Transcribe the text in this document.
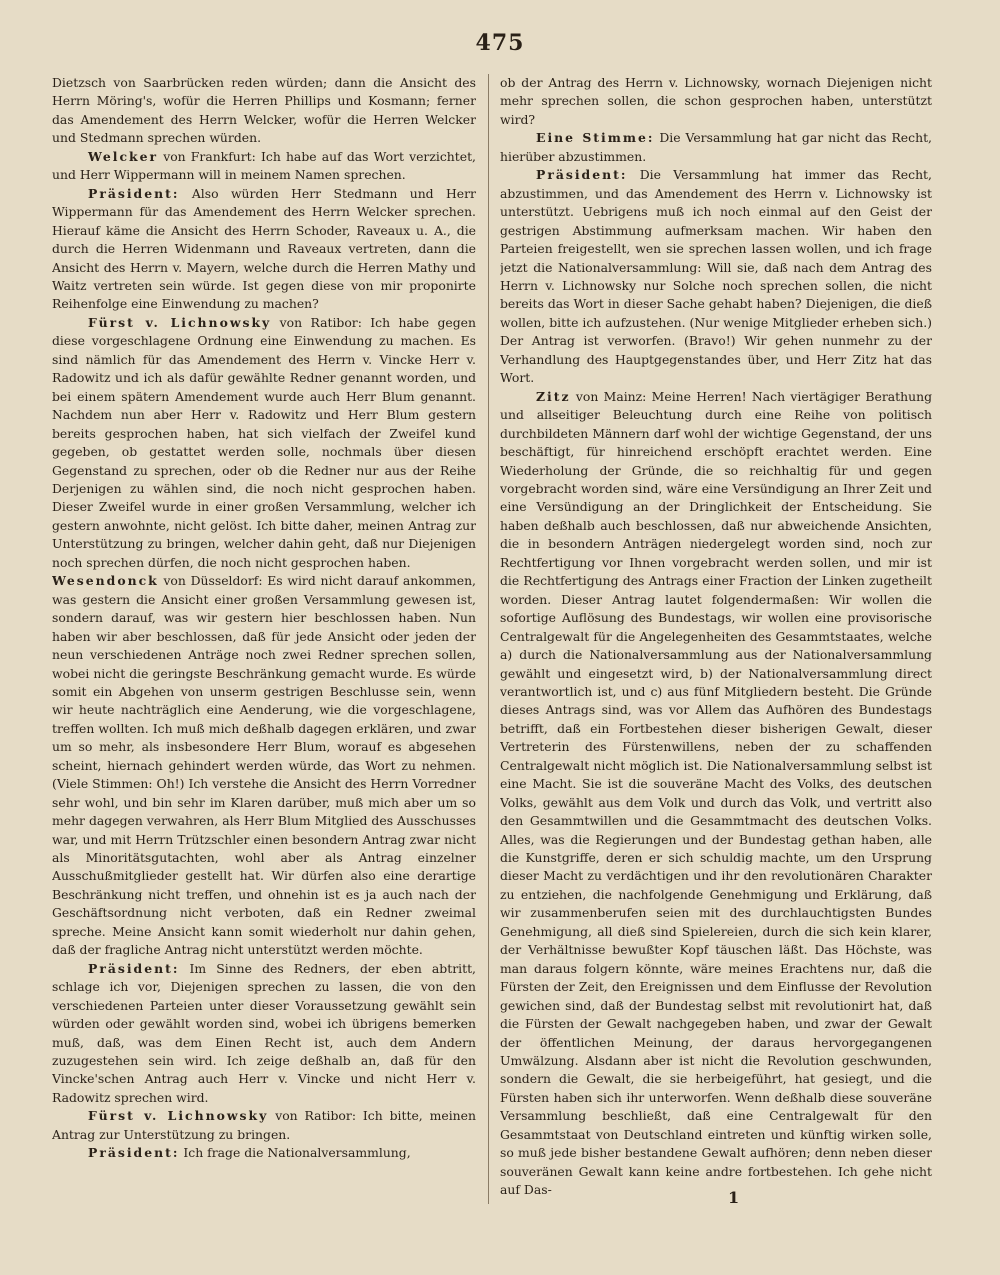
475

Dietzsch von Saarbrücken reden würden; dann die Ansicht des Herrn Möring's, wofür die Herren Phillips und Kosmann; ferner das Amendement des Herrn Welcker, wofür die Herren Welcker und Stedmann sprechen würden.

Welcker von Frankfurt: Ich habe auf das Wort verzichtet, und Herr Wippermann will in meinem Namen sprechen.

Präsident: Also würden Herr Stedmann und Herr Wippermann für das Amendement des Herrn Welcker sprechen. Hierauf käme die Ansicht des Herrn Schoder, Raveaux u. A., die durch die Herren Widenmann und Raveaux vertreten, dann die Ansicht des Herrn v. Mayern, welche durch die Herren Mathy und Waitz vertreten sein würde. Ist gegen diese von mir proponirte Reihenfolge eine Einwendung zu machen?

Fürst v. Lichnowsky von Ratibor: Ich habe gegen diese vorgeschlagene Ordnung eine Einwendung zu machen. Es sind nämlich für das Amendement des Herrn v. Vincke Herr v. Radowitz und ich als dafür gewählte Redner genannt worden, und bei einem spätern Amendement wurde auch Herr Blum genannt. Nachdem nun aber Herr v. Radowitz und Herr Blum gestern bereits gesprochen haben, hat sich vielfach der Zweifel kund gegeben, ob gestattet werden solle, nochmals über diesen Gegenstand zu sprechen, oder ob die Redner nur aus der Reihe Derjenigen zu wählen sind, die noch nicht gesprochen haben. Dieser Zweifel wurde in einer großen Versammlung, welcher ich gestern anwohnte, nicht gelöst. Ich bitte daher, meinen Antrag zur Unterstützung zu bringen, welcher dahin geht, daß nur Diejenigen noch sprechen dürfen, die noch nicht gesprochen haben.

Wesendonck von Düsseldorf: Es wird nicht darauf ankommen, was gestern die Ansicht einer großen Versammlung gewesen ist, sondern darauf, was wir gestern hier beschlossen haben. Nun haben wir aber beschlossen, daß für jede Ansicht oder jeden der neun verschiedenen Anträge noch zwei Redner sprechen sollen, wobei nicht die geringste Beschränkung gemacht wurde. Es würde somit ein Abgehen von unserm gestrigen Beschlusse sein, wenn wir heute nachträglich eine Aenderung, wie die vorgeschlagene, treffen wollten. Ich muß mich deßhalb dagegen erklären, und zwar um so mehr, als insbesondere Herr Blum, worauf es abgesehen scheint, hiernach gehindert werden würde, das Wort zu nehmen. (Viele Stimmen: Oh!) Ich verstehe die Ansicht des Herrn Vorredner sehr wohl, und bin sehr im Klaren darüber, muß mich aber um so mehr dagegen verwahren, als Herr Blum Mitglied des Ausschusses war, und mit Herrn Trützschler einen besondern Antrag zwar nicht als Minoritätsgutachten, wohl aber als Antrag einzelner Ausschußmitglieder gestellt hat. Wir dürfen also eine derartige Beschränkung nicht treffen, und ohnehin ist es ja auch nach der Geschäftsordnung nicht verboten, daß ein Redner zweimal spreche. Meine Ansicht kann somit wiederholt nur dahin gehen, daß der fragliche Antrag nicht unterstützt werden möchte.

Präsident: Im Sinne des Redners, der eben abtritt, schlage ich vor, Diejenigen sprechen zu lassen, die von den verschiedenen Parteien unter dieser Voraussetzung gewählt sein würden oder gewählt worden sind, wobei ich übrigens bemerken muß, daß, was dem Einen Recht ist, auch dem Andern zuzugestehen sein wird. Ich zeige deßhalb an, daß für den Vincke'schen Antrag auch Herr v. Vincke und nicht Herr v. Radowitz sprechen wird.

Fürst v. Lichnowsky von Ratibor: Ich bitte, meinen Antrag zur Unterstützung zu bringen.

Präsident: Ich frage die Nationalversammlung,

ob der Antrag des Herrn v. Lichnowsky, wornach Diejenigen nicht mehr sprechen sollen, die schon gesprochen haben, unterstützt wird?

Eine Stimme: Die Versammlung hat gar nicht das Recht, hierüber abzustimmen.

Präsident: Die Versammlung hat immer das Recht, abzustimmen, und das Amendement des Herrn v. Lichnowsky ist unterstützt. Uebrigens muß ich noch einmal auf den Geist der gestrigen Abstimmung aufmerksam machen. Wir haben den Parteien freigestellt, wen sie sprechen lassen wollen, und ich frage jetzt die Nationalversammlung: Will sie, daß nach dem Antrag des Herrn v. Lichnowsky nur Solche noch sprechen sollen, die nicht bereits das Wort in dieser Sache gehabt haben? Diejenigen, die dieß wollen, bitte ich aufzustehen. (Nur wenige Mitglieder erheben sich.) Der Antrag ist verworfen. (Bravo!) Wir gehen nunmehr zu der Verhandlung des Hauptgegenstandes über, und Herr Zitz hat das Wort.

Zitz von Mainz: Meine Herren! Nach viertägiger Berathung und allseitiger Beleuchtung durch eine Reihe von politisch durchbildeten Männern darf wohl der wichtige Gegenstand, der uns beschäftigt, für hinreichend erschöpft erachtet werden. Eine Wiederholung der Gründe, die so reichhaltig für und gegen vorgebracht worden sind, wäre eine Versündigung an Ihrer Zeit und eine Versündigung an der Dringlichkeit der Entscheidung. Sie haben deßhalb auch beschlossen, daß nur abweichende Ansichten, die in besondern Anträgen niedergelegt worden sind, noch zur Rechtfertigung vor Ihnen vorgebracht werden sollen, und mir ist die Rechtfertigung des Antrags einer Fraction der Linken zugetheilt worden. Dieser Antrag lautet folgendermaßen: Wir wollen die sofortige Auflösung des Bundestags, wir wollen eine provisorische Centralgewalt für die Angelegenheiten des Gesammtstaates, welche a) durch die Nationalversammlung aus der Nationalversammlung gewählt und eingesetzt wird, b) der Nationalversammlung direct verantwortlich ist, und c) aus fünf Mitgliedern besteht. Die Gründe dieses Antrags sind, was vor Allem das Aufhören des Bundestags betrifft, daß ein Fortbestehen dieser bisherigen Gewalt, dieser Vertreterin des Fürstenwillens, neben der zu schaffenden Centralgewalt nicht möglich ist. Die Nationalversammlung selbst ist eine Macht. Sie ist die souveräne Macht des Volks, des deutschen Volks, gewählt aus dem Volk und durch das Volk, und vertritt also den Gesammtwillen und die Gesammtmacht des deutschen Volks. Alles, was die Regierungen und der Bundestag gethan haben, alle die Kunstgriffe, deren er sich schuldig machte, um den Ursprung dieser Macht zu verdächtigen und ihr den revolutionären Charakter zu entziehen, die nachfolgende Genehmigung und Erklärung, daß wir zusammenberufen seien mit des durchlauchtigsten Bundes Genehmigung, all dieß sind Spielereien, durch die sich kein klarer, der Verhältnisse bewußter Kopf täuschen läßt. Das Höchste, was man daraus folgern könnte, wäre meines Erachtens nur, daß die Fürsten der Zeit, den Ereignissen und dem Einflusse der Revolution gewichen sind, daß der Bundestag selbst mit revolutionirt hat, daß die Fürsten der Gewalt nachgegeben haben, und zwar der Gewalt der öffentlichen Meinung, der daraus hervorgegangenen Umwälzung. Alsdann aber ist nicht die Revolution geschwunden, sondern die Gewalt, die sie herbeigeführt, hat gesiegt, und die Fürsten haben sich ihr unterworfen. Wenn deßhalb diese souveräne Versammlung beschließt, daß eine Centralgewalt für den Gesammtstaat von Deutschland eintreten und künftig wirken solle, so muß jede bisher bestandene Gewalt aufhören; denn neben dieser souveränen Gewalt kann keine andre fortbestehen. Ich gehe nicht auf Das-	1
